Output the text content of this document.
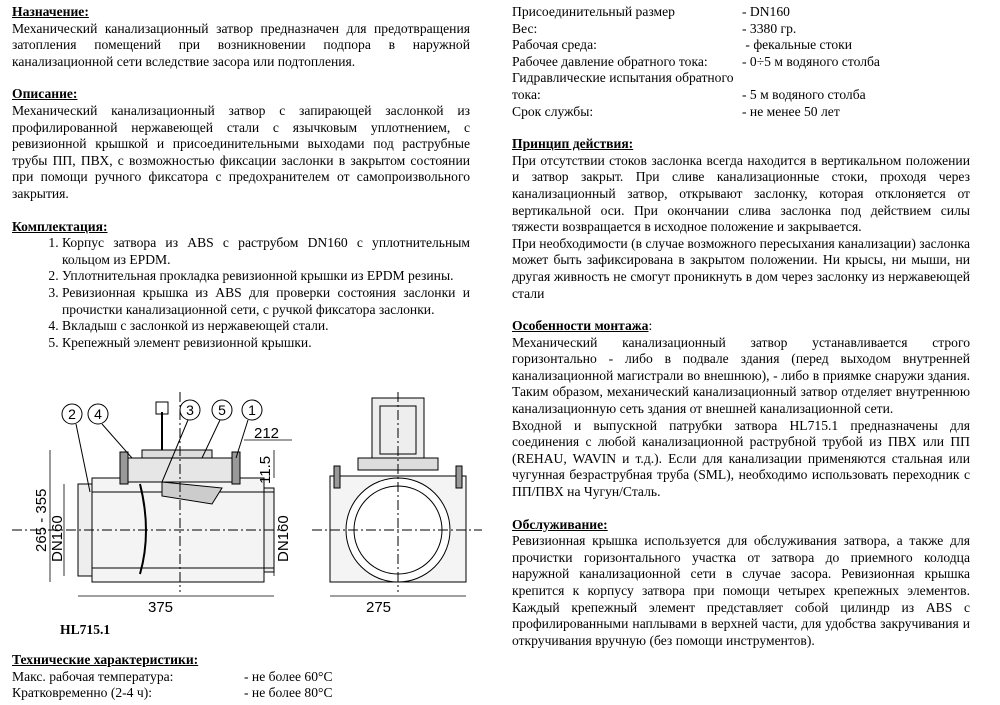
Назначение:

Механический канализационный затвор предназначен для предотвращения затопления помещений при возникновении подпора в наружной канализационной сети вследствие засора или подтопления.

Описание:

Механический канализационный затвор с запирающей заслонкой из профилированной нержавеющей стали с язычковым уплотнением, с ревизионной крышкой и присоединительными выходами под раструбные трубы ПП, ПВХ, с возможностью фиксации заслонки в закрытом состоянии при помощи ручного фиксатора с предохранителем от самопроизвольного закрытия.

Комплектация:
1. Корпус затвора из ABS с раструбом DN160 с уплотнительным кольцом из EPDM.
2. Уплотнительная прокладка ревизионной крышки из EPDM резины.
3. Ревизионная крышка из ABS для проверки состояния заслонки и прочистки канализационной сети, с ручкой фиксатора заслонки.
4. Вкладыш с заслонкой из нержавеющей стали.
5. Крепежный элемент ревизионной крышки.
2 4	3 5 1
265 - 355 DN160
212
11.5
DN160
375	275
HL715.1
Технические характеристики:
Макс. рабочая температура:	- не более 60°С
Кратковременно (2-4 ч):	- не более 80°С
Присоединительный размер	- DN160
Вес:	- 3380 гр.
Рабочая среда:	- фекальные стоки
Рабочее давление обратного тока:	- 0÷5 м водяного столба
Гидравлические испытания обратного тока:	- 5 м водяного столба
Срок службы:	- не менее 50 лет
Принцип действия:

При отсутствии стоков заслонка всегда находится в вертикальном положении и затвор закрыт. При сливе канализационные стоки, проходя через канализационный затвор, открывают заслонку, которая отклоняется от вертикальной оси. При окончании слива заслонка под действием силы тяжести возвращается в исходное положение и закрывается.

При необходимости (в случае возможного пересыхания канализации) заслонка может быть зафиксирована в закрытом положении. Ни крысы, ни мыши, ни другая живность не смогут проникнуть в дом через заслонку из нержавеющей стали

Особенности монтажа:

Механический канализационный затвор устанавливается строго горизонтально - либо в подвале здания (перед выходом внутренней канализационной магистрали во внешнюю), - либо в приямке снаружи здания. Таким образом, механический канализационный затвор отделяет внутреннюю канализационную сеть здания от внешней канализационной сети.

Входной и выпускной патрубки затвора HL715.1 предназначены для соединения с любой канализационной раструбной трубой из ПВХ или ПП (REHAU, WAVIN и т.д.). Если для канализации применяются стальная или чугунная безраструбная труба (SML), необходимо использовать переходник с ПП/ПВХ на Чугун/Сталь.

Обслуживание:

Ревизионная крышка используется для обслуживания затвора, а также для прочистки горизонтального участка от затвора до приемного колодца наружной канализационной сети в случае засора. Ревизионная крышка крепится к корпусу затвора при помощи четырех крепежных элементов. Каждый крепежный элемент представляет собой цилиндр из ABS с профилированными наплывами в верхней части, для удобства закручивания и откручивания вручную (без помощи инструментов).
